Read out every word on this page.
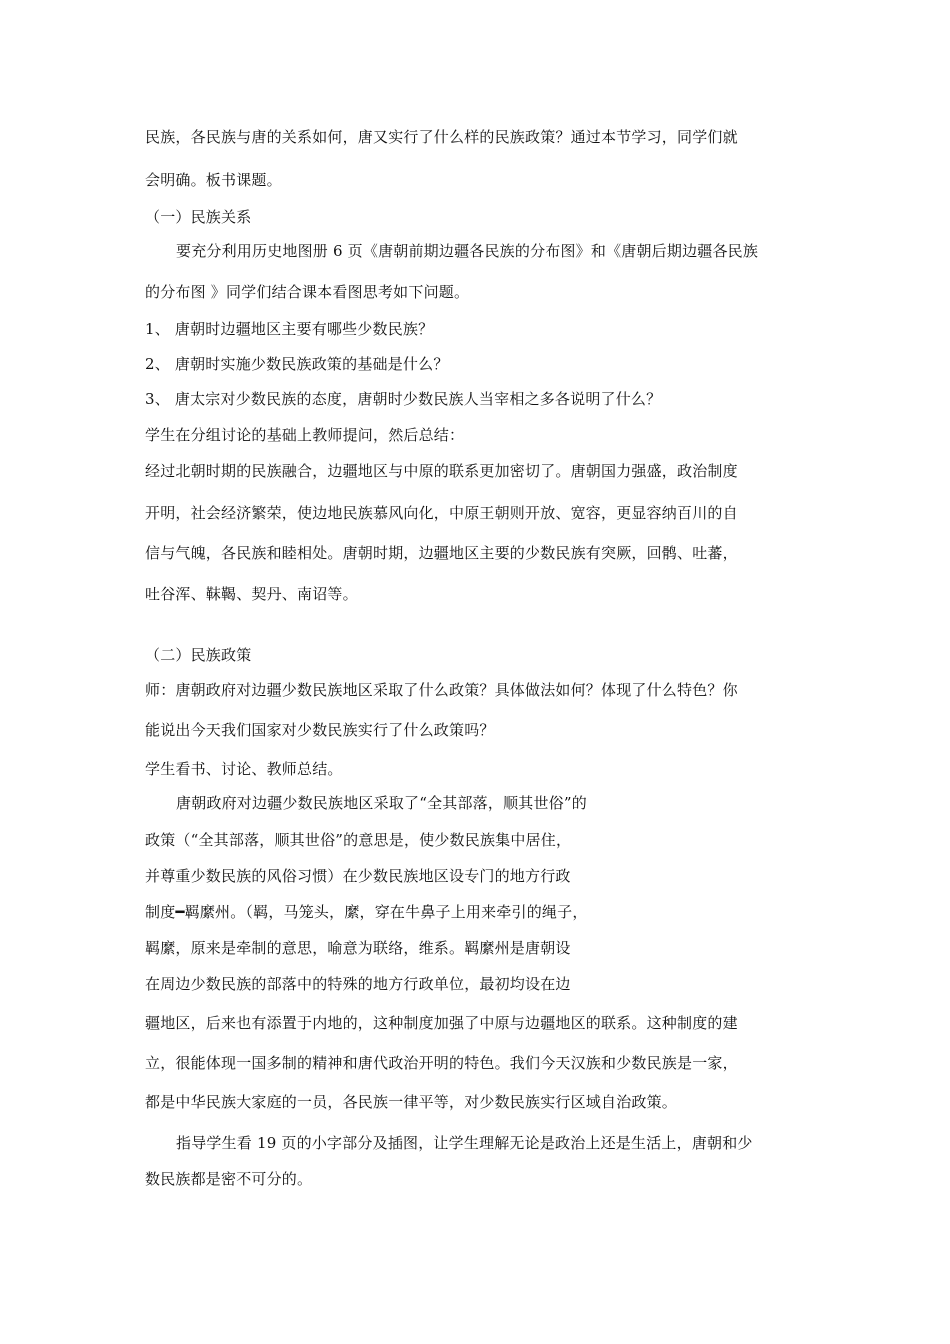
民族，各民族与唐的关系如何，唐又实行了什么样的民族政策？通过本节学习，同学们就
会明确。板书课题。
（一）民族关系
要充分利用历史地图册 6 页《唐朝前期边疆各民族的分布图》和《唐朝后期边疆各民族
的分布图 》同学们结合课本看图思考如下问题。
1、 唐朝时边疆地区主要有哪些少数民族？
2、 唐朝时实施少数民族政策的基础是什么？
3、 唐太宗对少数民族的态度，唐朝时少数民族人当宰相之多各说明了什么？
学生在分组讨论的基础上教师提问，然后总结：
经过北朝时期的民族融合，边疆地区与中原的联系更加密切了。唐朝国力强盛，政治制度
开明，社会经济繁荣，使边地民族慕风向化，中原王朝则开放、宽容，更显容纳百川的自
信与气魄，各民族和睦相处。唐朝时期，边疆地区主要的少数民族有突厥，回鹘、吐蕃，
吐谷浑、靺鞨、契丹、南诏等。
（二）民族政策
师：唐朝政府对边疆少数民族地区采取了什么政策？具体做法如何？体现了什么特色？你
能说出今天我们国家对少数民族实行了什么政策吗？
学生看书、讨论、教师总结。
唐朝政府对边疆少数民族地区采取了“全其部落，顺其世俗”的
政策（“全其部落，顺其世俗”的意思是，使少数民族集中居住，
并尊重少数民族的风俗习惯）在少数民族地区设专门的地方行政
制度━羁縻州。（羁，马笼头，縻，穿在牛鼻子上用来牵引的绳子，
羁縻，原来是牵制的意思，喻意为联络，维系。羁縻州是唐朝设
在周边少数民族的部落中的特殊的地方行政单位，最初均设在边
疆地区，后来也有添置于内地的，这种制度加强了中原与边疆地区的联系。这种制度的建
立，很能体现一国多制的精神和唐代政治开明的特色。我们今天汉族和少数民族是一家，
都是中华民族大家庭的一员，各民族一律平等，对少数民族实行区域自治政策。
指导学生看 19 页的小字部分及插图，让学生理解无论是政治上还是生活上，唐朝和少
数民族都是密不可分的。
